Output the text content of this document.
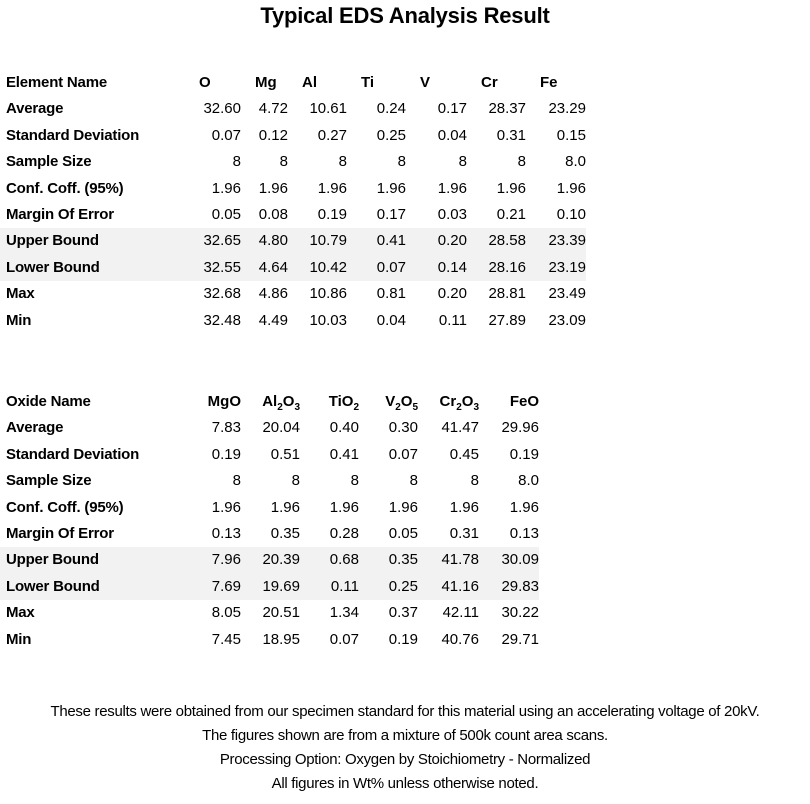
Typical EDS Analysis Result
Element Name	O	Mg	Al	Ti	V	Cr	Fe
Average	32.60	4.72	10.61	0.24	0.17	28.37	23.29
Standard Deviation	0.07	0.12	0.27	0.25	0.04	0.31	0.15
Sample Size	8	8	8	8	8	8	8.0
Conf. Coff. (95%)	1.96	1.96	1.96	1.96	1.96	1.96	1.96
Margin Of Error	0.05	0.08	0.19	0.17	0.03	0.21	0.10
Upper Bound	32.65	4.80	10.79	0.41	0.20	28.58	23.39
Lower Bound	32.55	4.64	10.42	0.07	0.14	28.16	23.19
Max	32.68	4.86	10.86	0.81	0.20	28.81	23.49
Min	32.48	4.49	10.03	0.04	0.11	27.89	23.09
Oxide Name	MgO	$Al_2O_3$	TiO$_2$	$V_2O_5$	$Cr_2O_3$	FeO
Average	7.83	20.04	0.40	0.30	41.47	29.96
Standard Deviation	0.19	0.51	0.41	0.07	0.45	0.19
Sample Size	8	8	8	8	8	8.0
Conf. Coff. (95%)	1.96	1.96	1.96	1.96	1.96	1.96
Margin Of Error	0.13	0.35	0.28	0.05	0.31	0.13
Upper Bound	7.96	20.39	0.68	0.35	41.78	30.09
Lower Bound	7.69	19.69	0.11	0.25	41.16	29.83
Max	8.05	20.51	1.34	0.37	42.11	30.22
Min	7.45	18.95	0.07	0.19	40.76	29.71
These results were obtained from our specimen standard for this material using an accelerating voltage of 20kV.
The figures shown are from a mixture of 500k count area scans.
Processing Option: Oxygen by Stoichiometry - Normalized
All figures in Wt% unless otherwise noted.
